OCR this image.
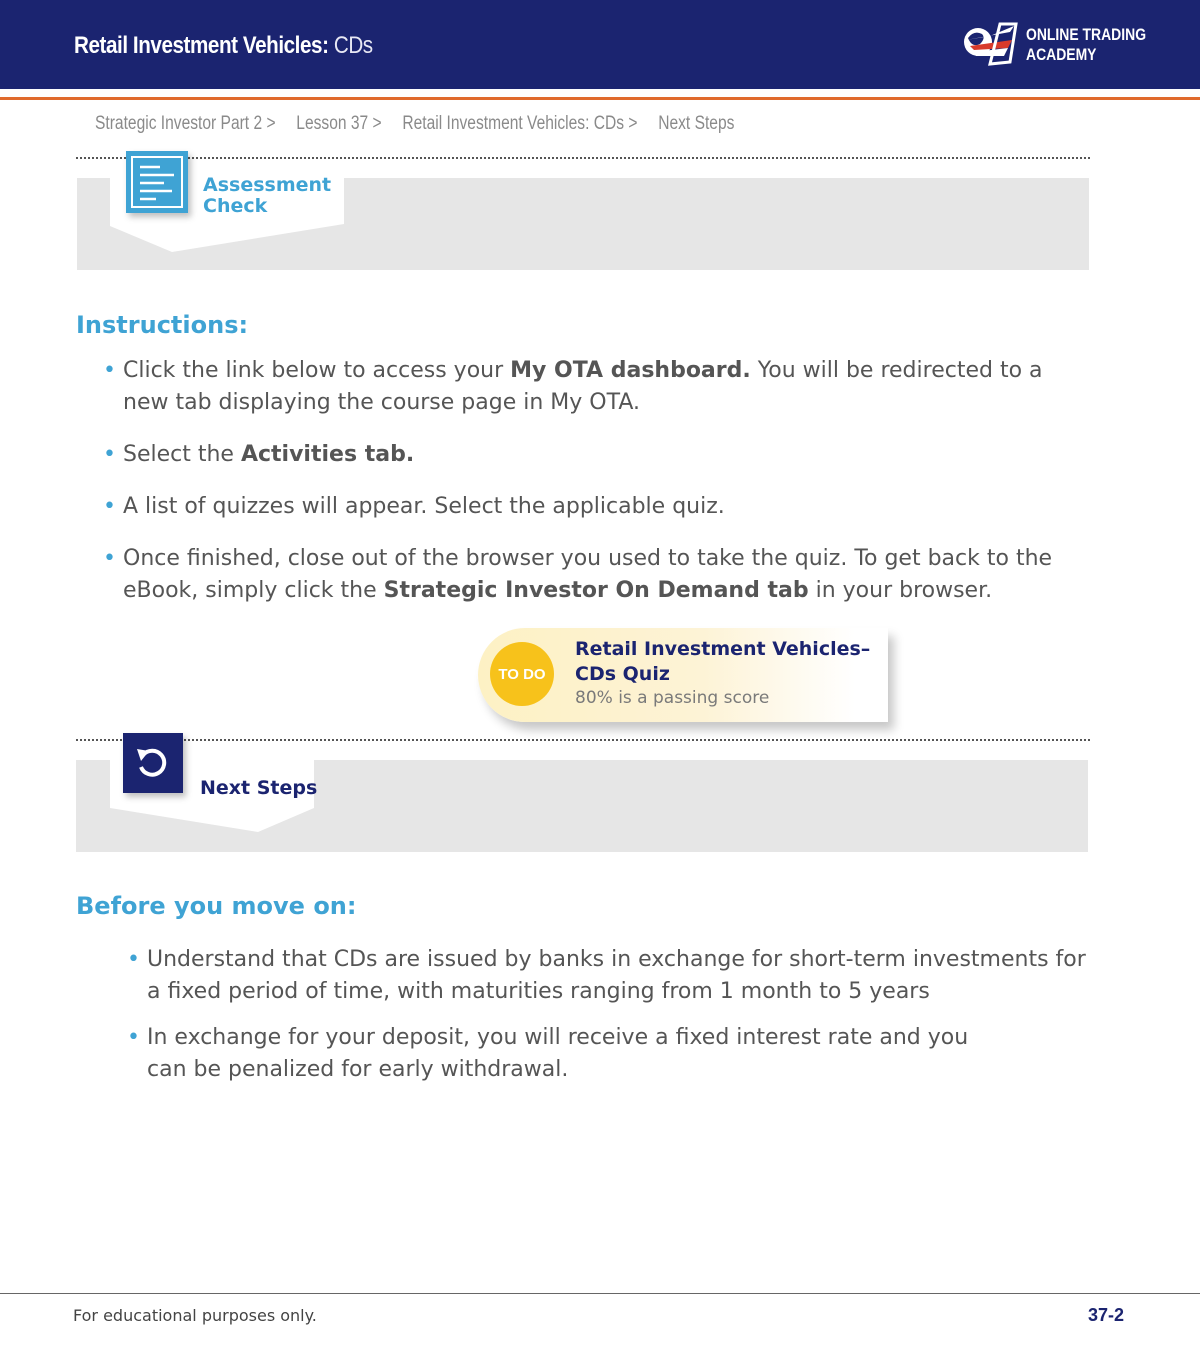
Retail Investment Vehicles: CDs	ONLINE TRADING
ACADEMY
Strategic Investor Part 2 > Lesson 37 > Retail Investment Vehicles: CDs > Next Steps
Assessment
Check
Instructions:
• Click the link below to access your My OTA dashboard. You will be redirected to a new tab displaying the course page in My OTA.
• Select the Activities tab.
• A list of quizzes will appear. Select the applicable quiz.
• Once finished, close out of the browser you used to take the quiz. To get back to the eBook, simply click the Strategic Investor On Demand tab in your browser.
TO DO
Retail Investment Vehicles–
CDs Quiz
80% is a passing score
Next Steps
Before you move on:
• Understand that CDs are issued by banks in exchange for short-term investments for a fixed period of time, with maturities ranging from 1 month to 5 years
• In exchange for your deposit, you will receive a fixed interest rate and you can be penalized for early withdrawal.
For educational purposes only.	37-2
